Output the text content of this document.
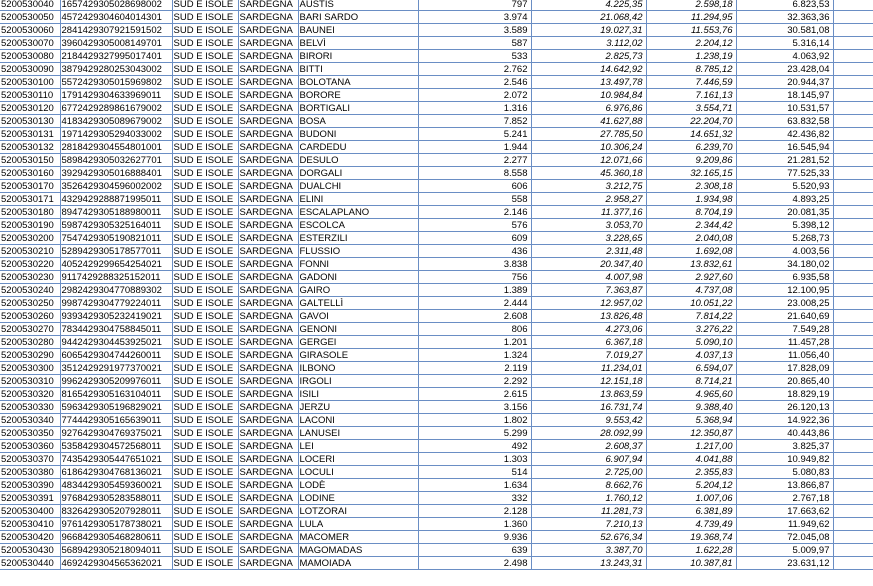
5200530040	1657429305028698002	SUD E ISOLE	SARDEGNA	AUSTIS	797	4.225,35	2.598,18	6.823,53	
5200530050	4572429304604014301	SUD E ISOLE	SARDEGNA	BARI SARDO	3.974	21.068,42	11.294,95	32.363,36	
5200530060	2841429307921591502	SUD E ISOLE	SARDEGNA	BAUNEI	3.589	19.027,31	11.553,76	30.581,08	
5200530070	3960429305008149701	SUD E ISOLE	SARDEGNA	BELVÌ	587	3.112,02	2.204,12	5.316,14	
5200530080	2184429327995017401	SUD E ISOLE	SARDEGNA	BIRORI	533	2.825,73	1.238,19	4.063,92	
5200530090	3879429280253043002	SUD E ISOLE	SARDEGNA	BITTI	2.762	14.642,92	8.785,12	23.428,04	
5200530100	5572429305015969802	SUD E ISOLE	SARDEGNA	BOLOTANA	2.546	13.497,78	7.446,59	20.944,37	
5200530110	1791429304633969011	SUD E ISOLE	SARDEGNA	BORORE	2.072	10.984,84	7.161,13	18.145,97	
5200530120	6772429289861679002	SUD E ISOLE	SARDEGNA	BORTIGALI	1.316	6.976,86	3.554,71	10.531,57	
5200530130	4183429305089679002	SUD E ISOLE	SARDEGNA	BOSA	7.852	41.627,88	22.204,70	63.832,58	
5200530131	1971429305294033002	SUD E ISOLE	SARDEGNA	BUDONI	5.241	27.785,50	14.651,32	42.436,82	
5200530132	2818429304554801001	SUD E ISOLE	SARDEGNA	CARDEDU	1.944	10.306,24	6.239,70	16.545,94	
5200530150	5898429305032627701	SUD E ISOLE	SARDEGNA	DESULO	2.277	12.071,66	9.209,86	21.281,52	
5200530160	3929429305016888401	SUD E ISOLE	SARDEGNA	DORGALI	8.558	45.360,18	32.165,15	77.525,33	
5200530170	3526429304596002002	SUD E ISOLE	SARDEGNA	DUALCHI	606	3.212,75	2.308,18	5.520,93	
5200530171	4329429288871995011	SUD E ISOLE	SARDEGNA	ELINI	558	2.958,27	1.934,98	4.893,25	
5200530180	8947429305188980011	SUD E ISOLE	SARDEGNA	ESCALAPLANO	2.146	11.377,16	8.704,19	20.081,35	
5200530190	5987429305325164011	SUD E ISOLE	SARDEGNA	ESCOLCA	576	3.053,70	2.344,42	5.398,12	
5200530200	7547429305190821011	SUD E ISOLE	SARDEGNA	ESTERZILI	609	3.228,65	2.040,08	5.268,73	
5200530210	5289429305178577011	SUD E ISOLE	SARDEGNA	FLUSSIO	436	2.311,48	1.692,08	4.003,56	
5200530220	4052429299654254021	SUD E ISOLE	SARDEGNA	FONNI	3.838	20.347,40	13.832,61	34.180,02	
5200530230	9117429288325152011	SUD E ISOLE	SARDEGNA	GADONI	756	4.007,98	2.927,60	6.935,58	
5200530240	2982429304770889302	SUD E ISOLE	SARDEGNA	GAIRO	1.389	7.363,87	4.737,08	12.100,95	
5200530250	9987429304779224011	SUD E ISOLE	SARDEGNA	GALTELLÌ	2.444	12.957,02	10.051,22	23.008,25	
5200530260	9393429305232419021	SUD E ISOLE	SARDEGNA	GAVOI	2.608	13.826,48	7.814,22	21.640,69	
5200530270	7834429304758845011	SUD E ISOLE	SARDEGNA	GENONI	806	4.273,06	3.276,22	7.549,28	
5200530280	9442429304453925021	SUD E ISOLE	SARDEGNA	GERGEI	1.201	6.367,18	5.090,10	11.457,28	
5200530290	6065429304744260011	SUD E ISOLE	SARDEGNA	GIRASOLE	1.324	7.019,27	4.037,13	11.056,40	
5200530300	3512429291977370021	SUD E ISOLE	SARDEGNA	ILBONO	2.119	11.234,01	6.594,07	17.828,09	
5200530310	9962429305209976011	SUD E ISOLE	SARDEGNA	IRGOLI	2.292	12.151,18	8.714,21	20.865,40	
5200530320	8165429305163104011	SUD E ISOLE	SARDEGNA	ISILI	2.615	13.863,59	4.965,60	18.829,19	
5200530330	5963429305196829021	SUD E ISOLE	SARDEGNA	JERZU	3.156	16.731,74	9.388,40	26.120,13	
5200530340	7744429305165639011	SUD E ISOLE	SARDEGNA	LACONI	1.802	9.553,42	5.368,94	14.922,36	
5200530350	9276429304769375021	SUD E ISOLE	SARDEGNA	LANUSEI	5.299	28.092,99	12.350,87	40.443,86	
5200530360	5358429304572568011	SUD E ISOLE	SARDEGNA	LEI	492	2.608,37	1.217,00	3.825,37	
5200530370	7435429305447651021	SUD E ISOLE	SARDEGNA	LOCERI	1.303	6.907,94	4.041,88	10.949,82	
5200530380	6186429304768136021	SUD E ISOLE	SARDEGNA	LOCULI	514	2.725,00	2.355,83	5.080,83	
5200530390	4834429305459360021	SUD E ISOLE	SARDEGNA	LODÈ	1.634	8.662,76	5.204,12	13.866,87	
5200530391	9768429305283588011	SUD E ISOLE	SARDEGNA	LODINE	332	1.760,12	1.007,06	2.767,18	
5200530400	8326429305207928011	SUD E ISOLE	SARDEGNA	LOTZORAI	2.128	11.281,73	6.381,89	17.663,62	
5200530410	9761429305178738021	SUD E ISOLE	SARDEGNA	LULA	1.360	7.210,13	4.739,49	11.949,62	
5200530420	9668429305468280611	SUD E ISOLE	SARDEGNA	MACOMER	9.936	52.676,34	19.368,74	72.045,08	
5200530430	5689429305218094011	SUD E ISOLE	SARDEGNA	MAGOMADAS	639	3.387,70	1.622,28	5.009,97	
5200530440	4692429304565362021	SUD E ISOLE	SARDEGNA	MAMOIADA	2.498	13.243,31	10.387,81	23.631,12	
